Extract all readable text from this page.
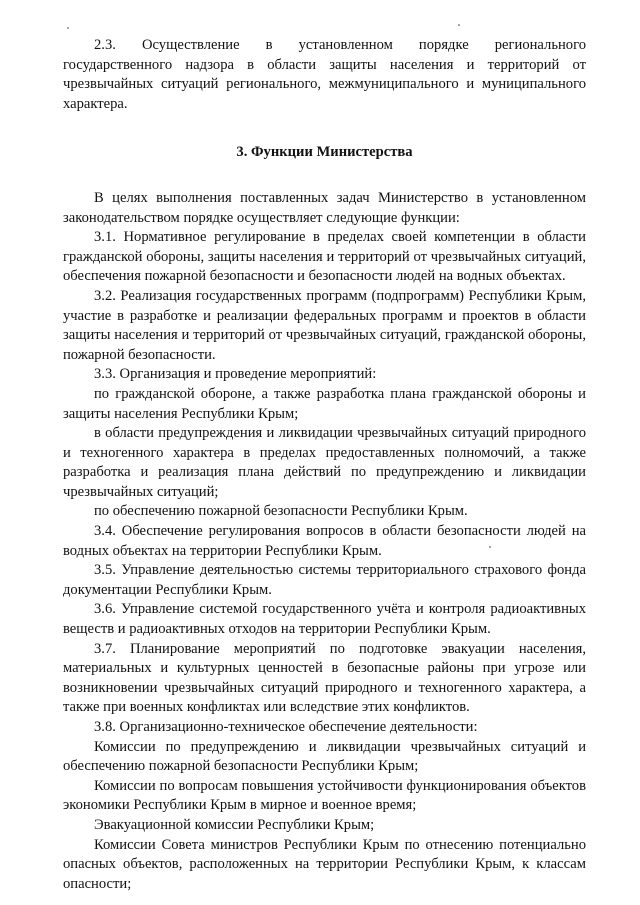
2.3. Осуществление в установленном порядке регионального государственного надзора в области защиты населения и территорий от чрезвычайных ситуаций регионального, межмуниципального и муниципального характера.

3. Функции Министерства

В целях выполнения поставленных задач Министерство в установленном законодательством порядке осуществляет следующие функции:

3.1. Нормативное регулирование в пределах своей компетенции в области гражданской обороны, защиты населения и территорий от чрезвычайных ситуаций, обеспечения пожарной безопасности и безопасности людей на водных объектах.

3.2. Реализация государственных программ (подпрограмм) Республики Крым, участие в разработке и реализации федеральных программ и проектов в области защиты населения и территорий от чрезвычайных ситуаций, гражданской обороны, пожарной безопасности.

3.3. Организация и проведение мероприятий:

по гражданской обороне, а также разработка плана гражданской обороны и защиты населения Республики Крым;

в области предупреждения и ликвидации чрезвычайных ситуаций природного и техногенного характера в пределах предоставленных полномочий, а также разработка и реализация плана действий по предупреждению и ликвидации чрезвычайных ситуаций;

по обеспечению пожарной безопасности Республики Крым.

3.4. Обеспечение регулирования вопросов в области безопасности людей на водных объектах на территории Республики Крым.

3.5. Управление деятельностью системы территориального страхового фонда документации Республики Крым.

3.6. Управление системой государственного учёта и контроля радиоактивных веществ и радиоактивных отходов на территории Республики Крым.

3.7. Планирование мероприятий по подготовке эвакуации населения, материальных и культурных ценностей в безопасные районы при угрозе или возникновении чрезвычайных ситуаций природного и техногенного характера, а также при военных конфликтах или вследствие этих конфликтов.

3.8. Организационно-техническое обеспечение деятельности:

Комиссии по предупреждению и ликвидации чрезвычайных ситуаций и обеспечению пожарной безопасности Республики Крым;

Комиссии по вопросам повышения устойчивости функционирования объектов экономики Республики Крым в мирное и военное время;

Эвакуационной комиссии Республики Крым;

Комиссии Совета министров Республики Крым по отнесению потенциально опасных объектов, расположенных на территории Республики Крым, к классам опасности;
